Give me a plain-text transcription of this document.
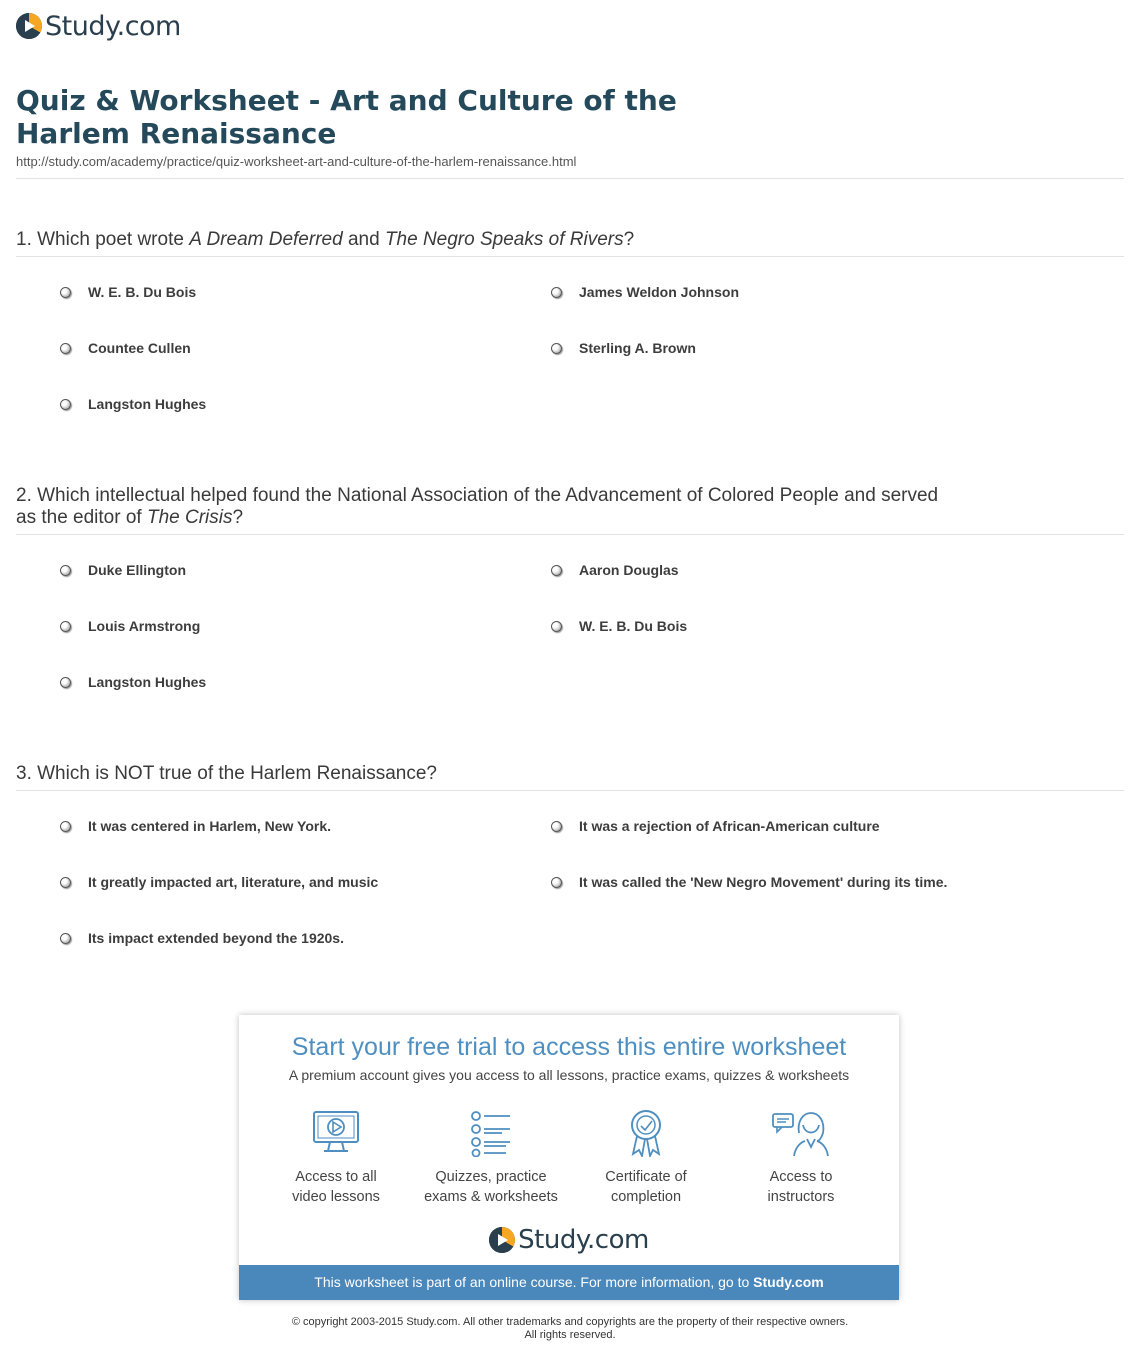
Study.com
Quiz & Worksheet - Art and Culture of the Harlem Renaissance
http://study.com/academy/practice/quiz-worksheet-art-and-culture-of-the-harlem-renaissance.html
1. Which poet wrote A Dream Deferred and The Negro Speaks of Rivers?
W. E. B. Du Bois	James Weldon Johnson
Countee Cullen	Sterling A. Brown
Langston Hughes
2. Which intellectual helped found the National Association of the Advancement of Colored People and served as the editor of The Crisis?
Duke Ellington	Aaron Douglas
Louis Armstrong	W. E. B. Du Bois
Langston Hughes
3. Which is NOT true of the Harlem Renaissance?
It was centered in Harlem, New York.	It was a rejection of African-American culture
It greatly impacted art, literature, and music	It was called the 'New Negro Movement' during its time.
Its impact extended beyond the 1920s.
Start your free trial to access this entire worksheet
A premium account gives you access to all lessons, practice exams, quizzes & worksheets
Access to all
video lessons
Quizzes, practice
exams & worksheets
Certificate of
completion
Access to
instructors
Study.com
This worksheet is part of an online course. For more information, go to Study.com
© copyright 2003-2015 Study.com. All other trademarks and copyrights are the property of their respective owners.
All rights reserved.
